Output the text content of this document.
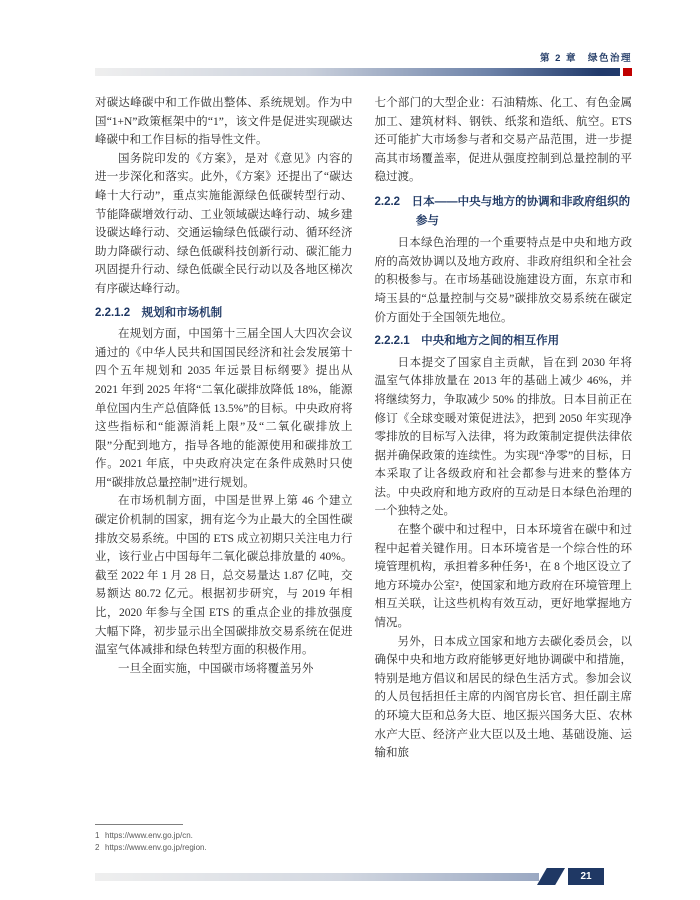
第 2 章　绿色治理

对碳达峰碳中和工作做出整体、系统规划。作为中国“1+N”政策框架中的“1”，该文件是促进实现碳达峰碳中和工作目标的指导性文件。

国务院印发的《方案》，是对《意见》内容的进一步深化和落实。此外，《方案》还提出了“碳达峰十大行动”，重点实施能源绿色低碳转型行动、节能降碳增效行动、工业领域碳达峰行动、城乡建设碳达峰行动、交通运输绿色低碳行动、循环经济助力降碳行动、绿色低碳科技创新行动、碳汇能力巩固提升行动、绿色低碳全民行动以及各地区梯次有序碳达峰行动。

2.2.1.2　规划和市场机制

在规划方面，中国第十三届全国人大四次会议通过的《中华人民共和国国民经济和社会发展第十四个五年规划和 2035 年远景目标纲要》提出从 2021 年到 2025 年将“二氧化碳排放降低 18%，能源单位国内生产总值降低 13.5%”的目标。中央政府将这些指标和“能源消耗上限”及“二氧化碳排放上限”分配到地方，指导各地的能源使用和碳排放工作。2021 年底，中央政府决定在条件成熟时只使用“碳排放总量控制”进行规划。

在市场机制方面，中国是世界上第 46 个建立碳定价机制的国家，拥有迄今为止最大的全国性碳排放交易系统。中国的 ETS 成立初期只关注电力行业，该行业占中国每年二氧化碳总排放量的 40%。截至 2022 年 1 月 28 日，总交易量达 1.87 亿吨，交易额达 80.72 亿元。根据初步研究，与 2019 年相比，2020 年参与全国 ETS 的重点企业的排放强度大幅下降，初步显示出全国碳排放交易系统在促进温室气体减排和绿色转型方面的积极作用。

一旦全面实施，中国碳市场将覆盖另外

七个部门的大型企业：石油精炼、化工、有色金属加工、建筑材料、钢铁、纸浆和造纸、航空。ETS 还可能扩大市场参与者和交易产品范围，进一步提高其市场覆盖率，促进从强度控制到总量控制的平稳过渡。

2.2.2　日本——中央与地方的协调和非政府组织的参与

日本绿色治理的一个重要特点是中央和地方政府的高效协调以及地方政府、非政府组织和全社会的积极参与。在市场基础设施建设方面，东京市和埼玉县的“总量控制与交易”碳排放交易系统在碳定价方面处于全国领先地位。

2.2.2.1　中央和地方之间的相互作用

日本提交了国家自主贡献，旨在到 2030 年将温室气体排放量在 2013 年的基础上减少 46%，并将继续努力，争取减少 50% 的排放。日本目前正在修订《全球变暖对策促进法》，把到 2050 年实现净零排放的目标写入法律，将为政策制定提供法律依据并确保政策的连续性。为实现“净零”的目标，日本采取了让各级政府和社会都参与进来的整体方法。中央政府和地方政府的互动是日本绿色治理的一个独特之处。

在整个碳中和过程中，日本环境省在碳中和过程中起着关键作用。日本环境省是一个综合性的环境管理机构，承担着多种任务¹，在 8 个地区设立了地方环境办公室²，使国家和地方政府在环境管理上相互关联，让这些机构有效互动，更好地掌握地方情况。

另外，日本成立国家和地方去碳化委员会，以确保中央和地方政府能够更好地协调碳中和措施，特别是地方倡议和居民的绿色生活方式。参加会议的人员包括担任主席的内阁官房长官、担任副主席的环境大臣和总务大臣、地区振兴国务大臣、农林水产大臣、经济产业大臣以及土地、基础设施、运输和旅

1 https://www.env.go.jp/cn.
2 https://www.env.go.jp/region.
21
